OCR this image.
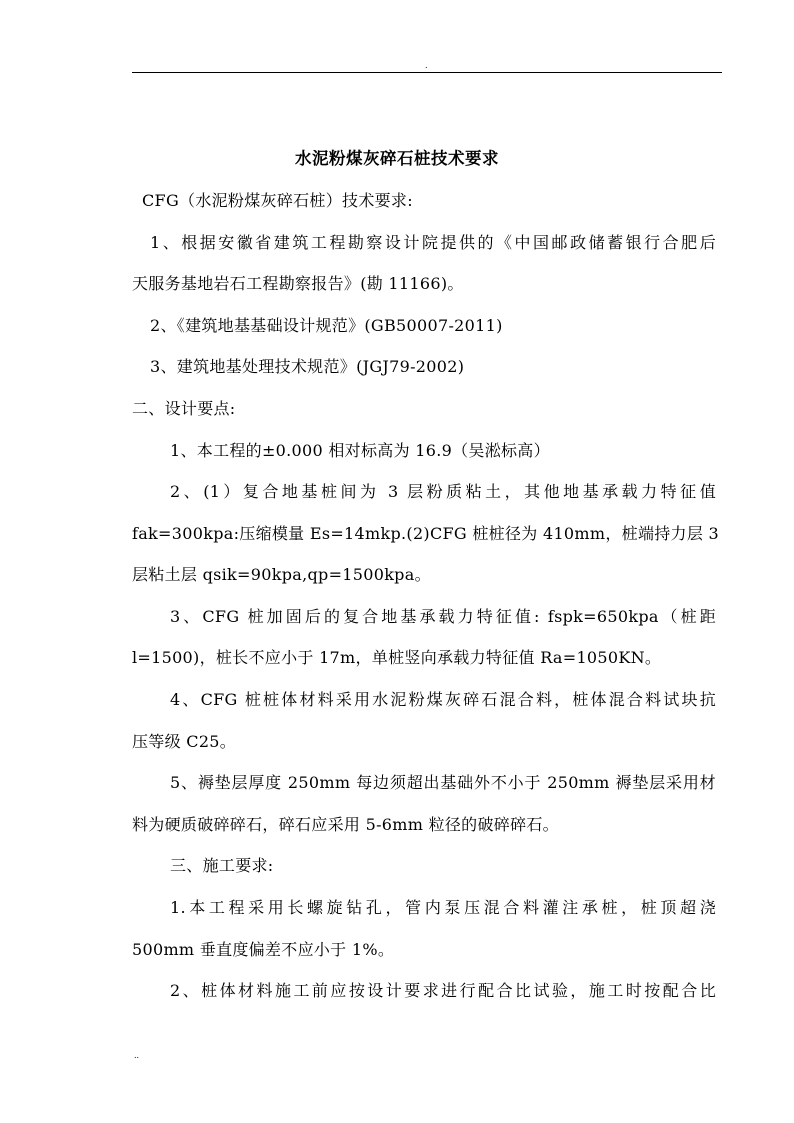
.
水泥粉煤灰碎石桩技术要求
CFG（水泥粉煤灰碎石桩）技术要求:
1、根据安徽省建筑工程勘察设计院提供的《中国邮政储蓄银行合肥后
天服务基地岩石工程勘察报告》(勘 11166)。
2、《建筑地基基础设计规范》(GB50007-2011)
3、建筑地基处理技术规范》(JGJ79-2002)
二、设计要点:
1、本工程的±0.000 相对标高为 16.9（吴淞标高）
2、(1）复合地基桩间为 3 层粉质粘土，其他地基承载力特征值
fak=300kpa:压缩模量 Es=14mkp.(2)CFG 桩桩径为 410mm，桩端持力层 3
层粘土层 qsik=90kpa,qp=1500kpa。
3、CFG 桩加固后的复合地基承载力特征值: fspk=650kpa（桩距
l=1500)，桩长不应小于 17m，单桩竖向承载力特征值 Ra=1050KN。
4、CFG 桩桩体材料采用水泥粉煤灰碎石混合料，桩体混合料试块抗
压等级 C25。
5、褥垫层厚度 250mm 每边须超出基础外不小于 250mm 褥垫层采用材
料为硬质破碎碎石，碎石应采用 5-6mm 粒径的破碎碎石。
三、施工要求:
1.本工程采用长螺旋钻孔，管内泵压混合料灌注承桩，桩顶超浇
500mm 垂直度偏差不应小于 1%。
2、桩体材料施工前应按设计要求进行配合比试验，施工时按配合比
..
